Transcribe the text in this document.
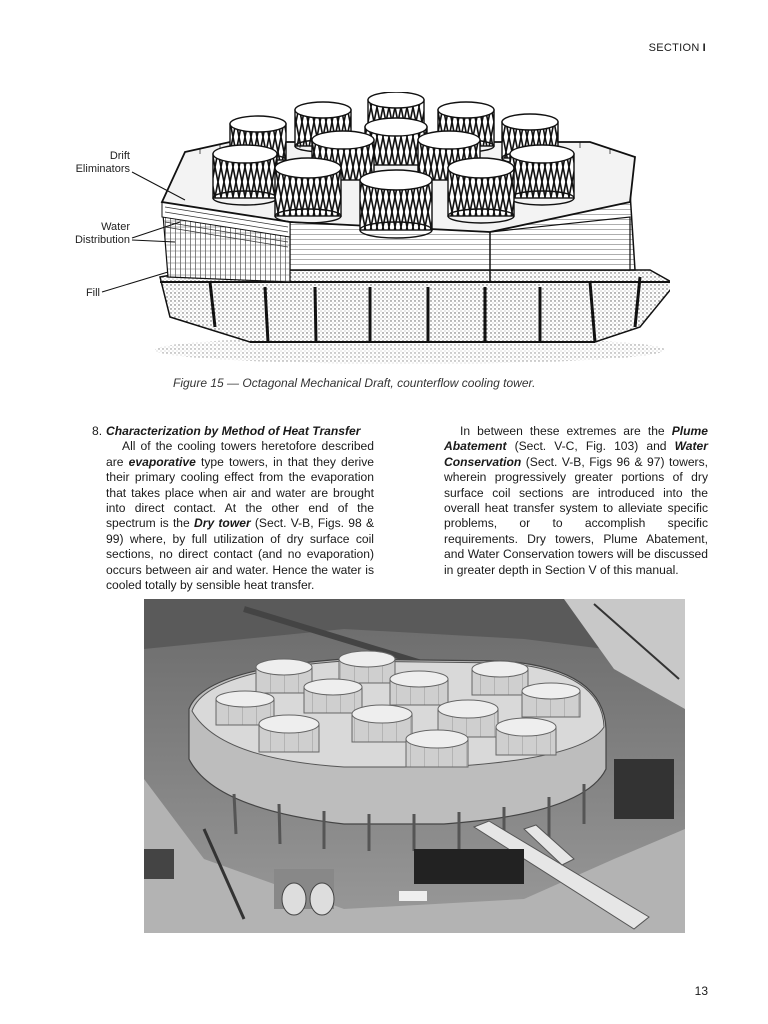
SECTION I
Drift
Eliminators
Water
Distribution
Fill
Figure 15 — Octagonal Mechanical Draft, counterflow cooling tower.

8. Characterization by Method of Heat Transfer

All of the cooling towers heretofore described are evaporative type towers, in that they derive their primary cooling effect from the evaporation that takes place when air and water are brought into direct contact. At the other end of the spectrum is the Dry tower (Sect. V-B, Figs. 98 & 99) where, by full utilization of dry surface coil sections, no direct contact (and no evaporation) occurs between air and water. Hence the water is cooled totally by sensible heat transfer.

In between these extremes are the Plume Abatement (Sect. V-C, Fig. 103) and Water Conservation (Sect. V-B, Figs 96 & 97) towers, wherein progressively greater portions of dry surface coil sections are introduced into the overall heat transfer system to alleviate specific problems, or to accomplish specific requirements. Dry towers, Plume Abatement, and Water Conservation towers will be discussed in greater depth in Section V of this manual.

13
